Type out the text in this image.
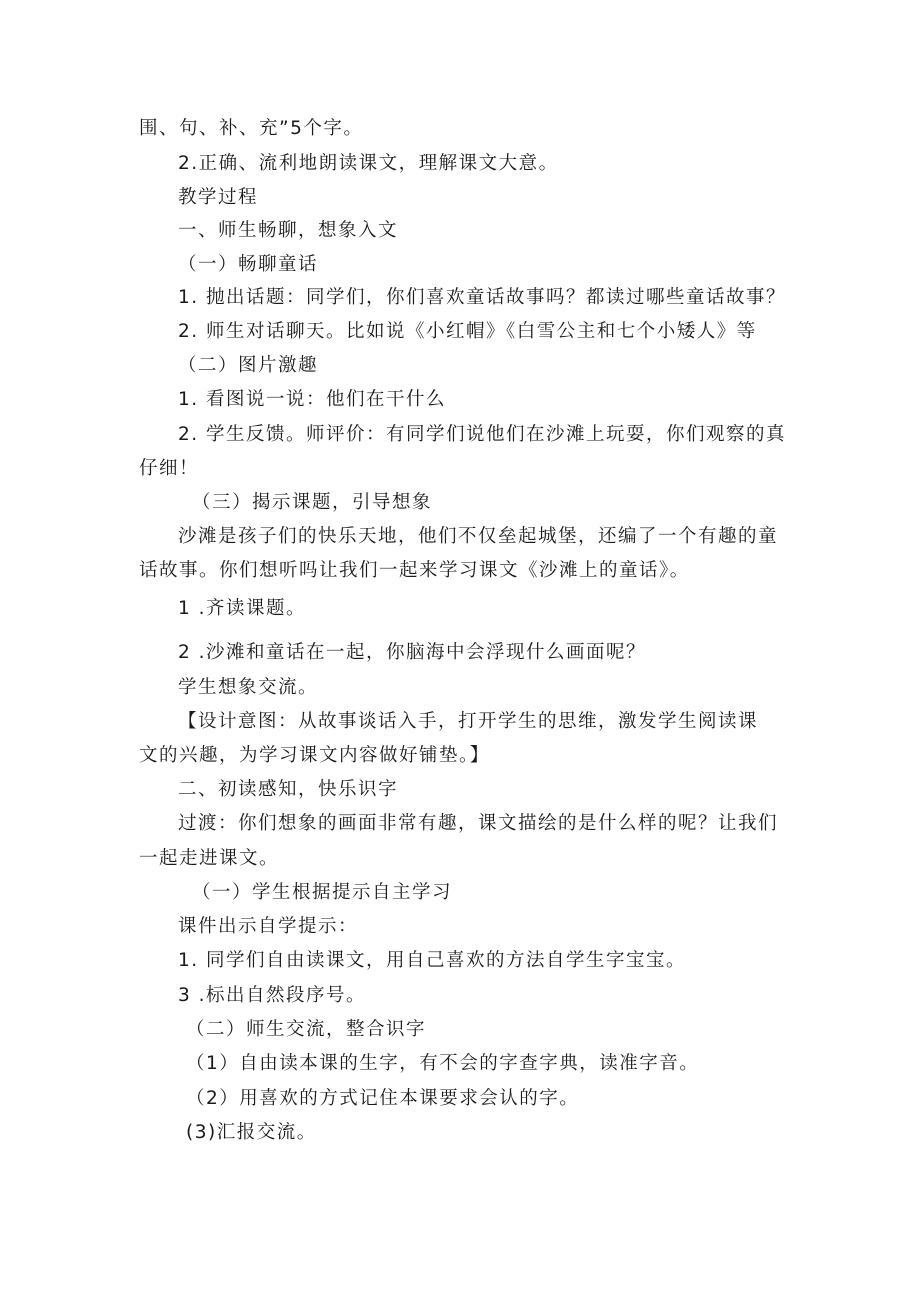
围、句、补、充”5个字。
2.正确、流利地朗读课文，理解课文大意。
教学过程
一、师生畅聊，想象入文
（一）畅聊童话
1. 抛出话题：同学们，你们喜欢童话故事吗？都读过哪些童话故事？
2. 师生对话聊天。比如说《小红帽》《白雪公主和七个小矮人》等
（二）图片激趣
1. 看图说一说：他们在干什么
2. 学生反馈。师评价：有同学们说他们在沙滩上玩耍，你们观察的真
仔细！
（三）揭示课题，引导想象
沙滩是孩子们的快乐天地，他们不仅垒起城堡，还编了一个有趣的童
话故事。你们想听吗让我们一起来学习课文《沙滩上的童话》。
1 .齐读课题。
2 .沙滩和童话在一起，你脑海中会浮现什么画面呢？
学生想象交流。
【设计意图：从故事谈话入手，打开学生的思维，激发学生阅读课
文的兴趣，为学习课文内容做好铺垫。】
二、初读感知，快乐识字
过渡：你们想象的画面非常有趣，课文描绘的是什么样的呢？让我们
一起走进课文。
（一）学生根据提示自主学习
课件出示自学提示：
1. 同学们自由读课文，用自己喜欢的方法自学生字宝宝。
3 .标出自然段序号。
（二）师生交流，整合识字
（1）自由读本课的生字，有不会的字查字典，读准字音。
（2）用喜欢的方式记住本课要求会认的字。
(3)汇报交流。
